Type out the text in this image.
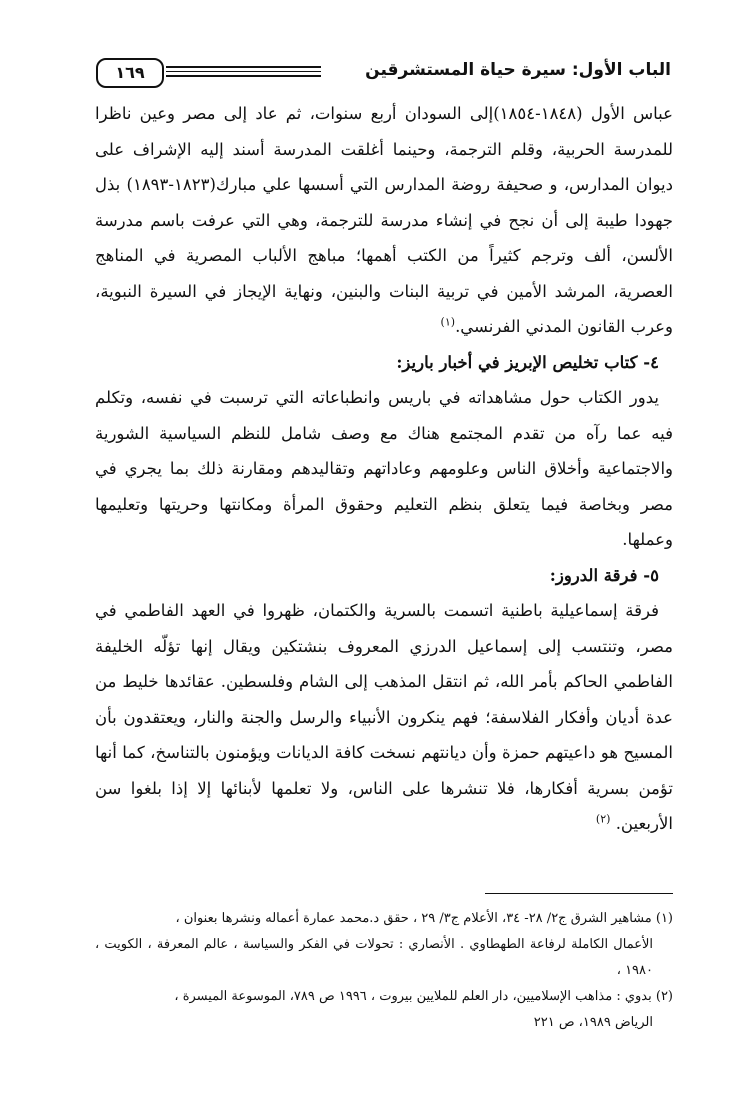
الباب الأول: سيرة حياة المستشرقين
١٦٩

عباس الأول (١٨٤٨-١٨٥٤)إلى السودان أربع سنوات، ثم عاد إلى مصر وعين ناظرا للمدرسة الحربية، وقلم الترجمة، وحينما أغلقت المدرسة أسند إليه الإشراف على ديوان المدارس، و صحيفة روضة المدارس التي أسسها علي مبارك(١٨٢٣-١٨٩٣) بذل جهودا طيبة إلى أن نجح في إنشاء مدرسة للترجمة، وهي التي عرفت باسم مدرسة الألسن، ألف وترجم كثيراً من الكتب أهمها؛ مباهج الألباب المصرية في المناهج العصرية، المرشد الأمين في تربية البنات والبنين، ونهاية الإيجاز في السيرة النبوية، وعرب القانون المدني الفرنسي.$^{(١)}$

٤- كتاب تخليص الإبريز في أخبار باريز:

يدور الكتاب حول مشاهداته في باريس وانطباعاته التي ترسبت في نفسه، وتكلم فيه عما رآه من تقدم المجتمع هناك مع وصف شامل للنظم السياسية الشورية والاجتماعية وأخلاق الناس وعلومهم وعاداتهم وتقاليدهم ومقارنة ذلك بما يجري في مصر وبخاصة فيما يتعلق بنظم التعليم وحقوق المرأة ومكانتها وحريتها وتعليمها وعملها.

٥- فرقة الدروز:

فرقة إسماعيلية باطنية اتسمت بالسرية والكتمان، ظهروا في العهد الفاطمي في مصر، وتنتسب إلى إسماعيل الدرزي المعروف بنشتكين ويقال إنها تؤلّه الخليفة الفاطمي الحاكم بأمر الله، ثم انتقل المذهب إلى الشام وفلسطين. عقائدها خليط من عدة أديان وأفكار الفلاسفة؛ فهم ينكرون الأنبياء والرسل والجنة والنار، ويعتقدون بأن المسيح هو داعيتهم حمزة وأن ديانتهم نسخت كافة الديانات ويؤمنون بالتناسخ، كما أنها تؤمن بسرية أفكارها، فلا تنشرها على الناس، ولا تعلمها لأبنائها إلا إذا بلغوا سن الأربعين. $^{(٢)}$

(١) مشاهير الشرق ج٢/ ٢٨- ٣٤، الأعلام ج٣/ ٢٩ ، حقق د.محمد عمارة أعماله ونشرها بعنوان ،

الأعمال الكاملة لرفاعة الطهطاوي . الأنصاري : تحولات في الفكر والسياسة ، عالم المعرفة ، الكويت ، ١٩٨٠ ،

(٢) بدوي : مذاهب الإسلاميين، دار العلم للملايين بيروت ، ١٩٩٦ ص ٧٨٩، الموسوعة الميسرة ،

الرياض ١٩٨٩، ص ٢٢١
